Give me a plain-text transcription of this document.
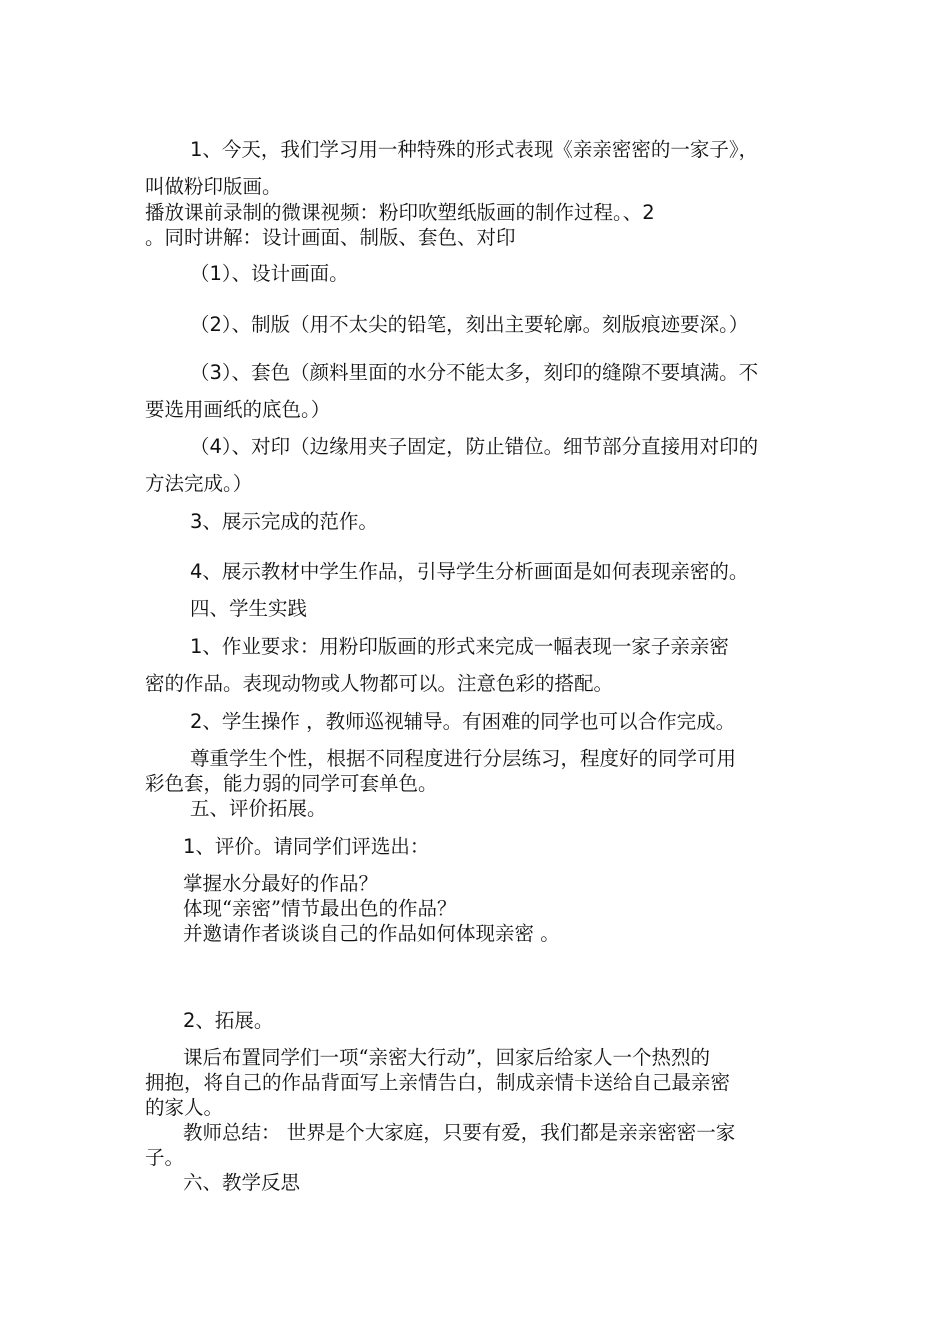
1、今天，我们学习用一种特殊的形式表现《亲亲密密的一家子》，
叫做粉印版画。
播放课前录制的微课视频：粉印吹塑纸版画的制作过程。、2
。同时讲解：设计画面、制版、套色、对印
（1）、设计画面。
（2）、制版（用不太尖的铅笔，刻出主要轮廓。刻版痕迹要深。）
（3）、套色（颜料里面的水分不能太多，刻印的缝隙不要填满。不
要选用画纸的底色。）
（4）、对印（边缘用夹子固定，防止错位。细节部分直接用对印的
方法完成。）
3、展示完成的范作。
4、展示教材中学生作品，引导学生分析画面是如何表现亲密的。
四、学生实践
1、作业要求：用粉印版画的形式来完成一幅表现一家子亲亲密
密的作品。表现动物或人物都可以。注意色彩的搭配。
2、学生操作 ，教师巡视辅导。有困难的同学也可以合作完成。
尊重学生个性，根据不同程度进行分层练习，程度好的同学可用
彩色套，能力弱的同学可套单色。
五、评价拓展。
1、评价。请同学们评选出：
掌握水分最好的作品？
体现“亲密”情节最出色的作品？
并邀请作者谈谈自己的作品如何体现亲密 。
2、拓展。
课后布置同学们一项“亲密大行动”，回家后给家人一个热烈的
拥抱，将自己的作品背面写上亲情告白，制成亲情卡送给自己最亲密
的家人。
教师总结： 世界是个大家庭，只要有爱，我们都是亲亲密密一家
子。
六、教学反思
